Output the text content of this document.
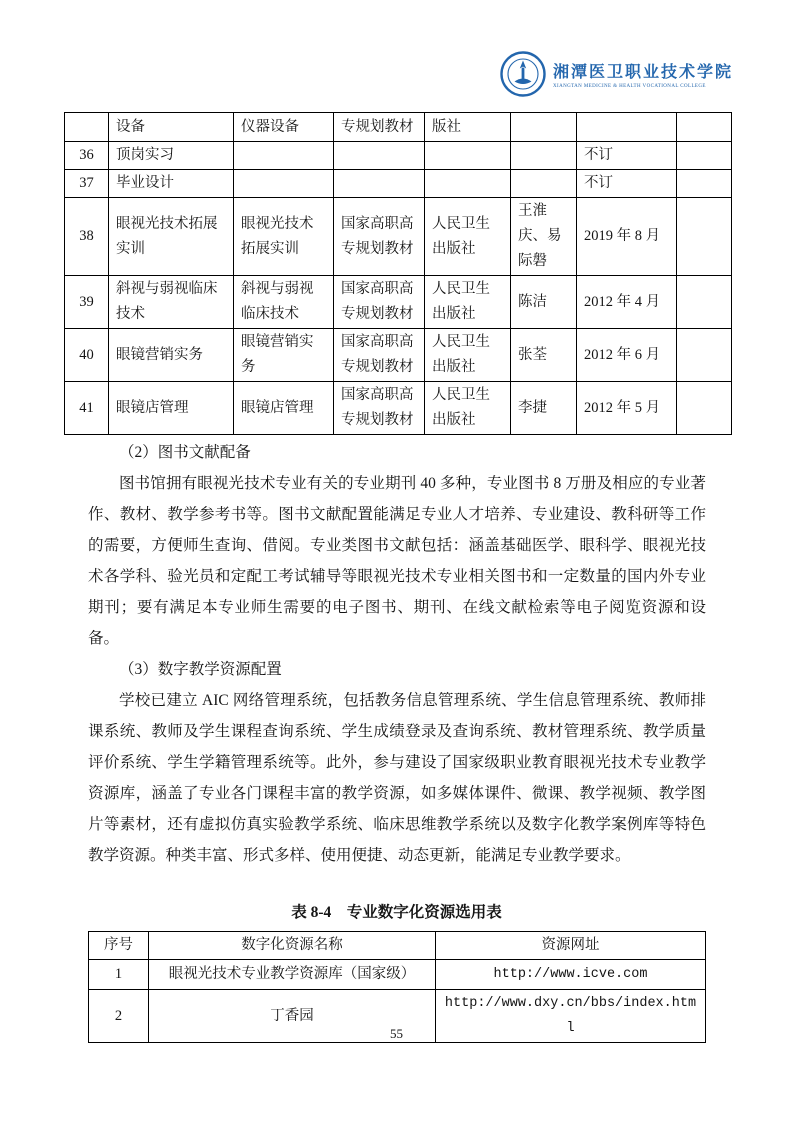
湘潭医卫职业技术学院
XIANGTAN MEDICINE & HEALTH VOCATIONAL COLLEGE
	设备	仪器设备	专规划教材	版社			
36	顶岗实习					不订	
37	毕业设计					不订	
38	眼视光技术拓展实训	眼视光技术拓展实训	国家高职高专规划教材	人民卫生出版社	王淮庆、易际磐	2019 年 8 月	
39	斜视与弱视临床技术	斜视与弱视临床技术	国家高职高专规划教材	人民卫生出版社	陈洁	2012 年 4 月	
40	眼镜营销实务	眼镜营销实务	国家高职高专规划教材	人民卫生出版社	张荃	2012 年 6 月	
41	眼镜店管理	眼镜店管理	国家高职高专规划教材	人民卫生出版社	李捷	2012 年 5 月	

（2）图书文献配备

图书馆拥有眼视光技术专业有关的专业期刊 40 多种，专业图书 8 万册及相应的专业著作、教材、教学参考书等。图书文献配置能满足专业人才培养、专业建设、教科研等工作的需要，方便师生查询、借阅。专业类图书文献包括：涵盖基础医学、眼科学、眼视光技术各学科、验光员和定配工考试辅导等眼视光技术专业相关图书和一定数量的国内外专业期刊；要有满足本专业师生需要的电子图书、期刊、在线文献检索等电子阅览资源和设备。

（3）数字教学资源配置

学校已建立 AIC 网络管理系统，包括教务信息管理系统、学生信息管理系统、教师排课系统、教师及学生课程查询系统、学生成绩登录及查询系统、教材管理系统、教学质量评价系统、学生学籍管理系统等。此外，参与建设了国家级职业教育眼视光技术专业教学资源库，涵盖了专业各门课程丰富的教学资源，如多媒体课件、微课、教学视频、教学图片等素材，还有虚拟仿真实验教学系统、临床思维教学系统以及数字化教学案例库等特色教学资源。种类丰富、形式多样、使用便捷、动态更新，能满足专业教学要求。

表 8-4　专业数字化资源选用表
序号	数字化资源名称	资源网址
1	眼视光技术专业教学资源库（国家级）	http://www.icve.com
2	丁香园	http://www.dxy.cn/bbs/index.html
55
